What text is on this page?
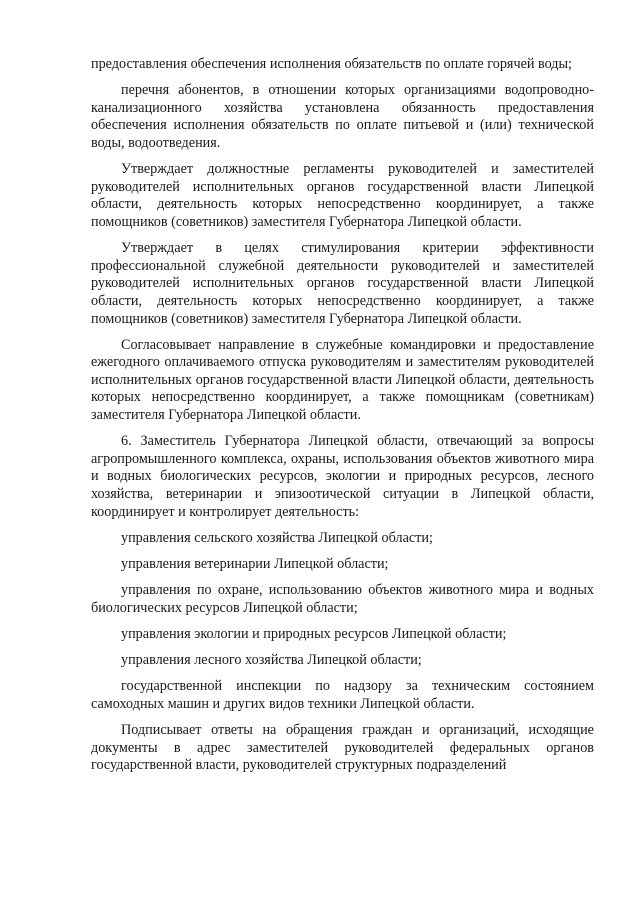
предоставления обеспечения исполнения обязательств по оплате горячей воды;

перечня абонентов, в отношении которых организациями водопроводно-канализационного хозяйства установлена обязанность предоставления обеспечения исполнения обязательств по оплате питьевой и (или) технической воды, водоотведения.

Утверждает должностные регламенты руководителей и заместителей руководителей исполнительных органов государственной власти Липецкой области, деятельность которых непосредственно координирует, а также помощников (советников) заместителя Губернатора Липецкой области.

Утверждает в целях стимулирования критерии эффективности профессиональной служебной деятельности руководителей и заместителей руководителей исполнительных органов государственной власти Липецкой области, деятельность которых непосредственно координирует, а также помощников (советников) заместителя Губернатора Липецкой области.

Согласовывает направление в служебные командировки и предоставление ежегодного оплачиваемого отпуска руководителям и заместителям руководителей исполнительных органов государственной власти Липецкой области, деятельность которых непосредственно координирует, а также помощникам (советникам) заместителя Губернатора Липецкой области.

6. Заместитель Губернатора Липецкой области, отвечающий за вопросы агропромышленного комплекса, охраны, использования объектов животного мира и водных биологических ресурсов, экологии и природных ресурсов, лесного хозяйства, ветеринарии и эпизоотической ситуации в Липецкой области, координирует и контролирует деятельность:

управления сельского хозяйства Липецкой области;

управления ветеринарии Липецкой области;

управления по охране, использованию объектов животного мира и водных биологических ресурсов Липецкой области;

управления экологии и природных ресурсов Липецкой области;

управления лесного хозяйства Липецкой области;

государственной инспекции по надзору за техническим состоянием самоходных машин и других видов техники Липецкой области.

Подписывает ответы на обращения граждан и организаций, исходящие документы в адрес заместителей руководителей федеральных органов государственной власти, руководителей структурных подразделений
